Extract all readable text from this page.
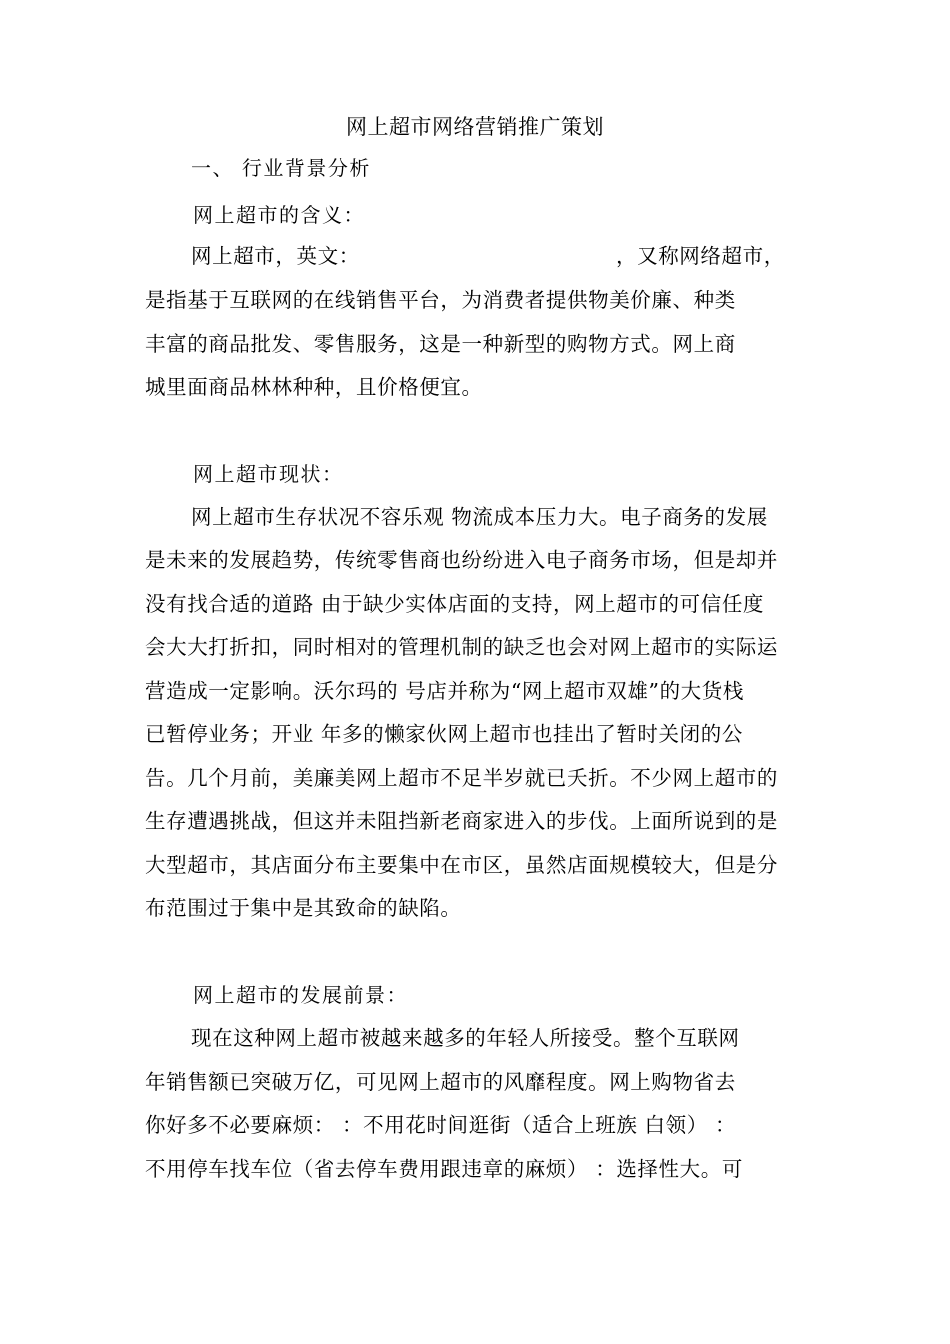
网上超市网络营销推广策划
一、 行业背景分析
网上超市的含义：
网上超市，英文：	，又称网络超市，
是指基于互联网的在线销售平台，为消费者提供物美价廉、种类
丰富的商品批发、零售服务，这是一种新型的购物方式。网上商
城里面商品林林种种，且价格便宜。
网上超市现状：
网上超市生存状况不容乐观 物流成本压力大。电子商务的发展
是未来的发展趋势，传统零售商也纷纷进入电子商务市场，但是却并
没有找合适的道路 由于缺少实体店面的支持，网上超市的可信任度
会大大打折扣，同时相对的管理机制的缺乏也会对网上超市的实际运
营造成一定影响。沃尔玛的 号店并称为“网上超市双雄”的大货栈
已暂停业务；开业 年多的懒家伙网上超市也挂出了暂时关闭的公
告。几个月前，美廉美网上超市不足半岁就已夭折。不少网上超市的
生存遭遇挑战，但这并未阻挡新老商家进入的步伐。上面所说到的是
大型超市，其店面分布主要集中在市区，虽然店面规模较大，但是分
布范围过于集中是其致命的缺陷。
网上超市的发展前景：
现在这种网上超市被越来越多的年轻人所接受。整个互联网
年销售额已突破万亿，可见网上超市的风靡程度。网上购物省去
你好多不必要麻烦： ：不用花时间逛街（适合上班族 白领） ：
不用停车找车位（省去停车费用跟违章的麻烦） ：选择性大。可
